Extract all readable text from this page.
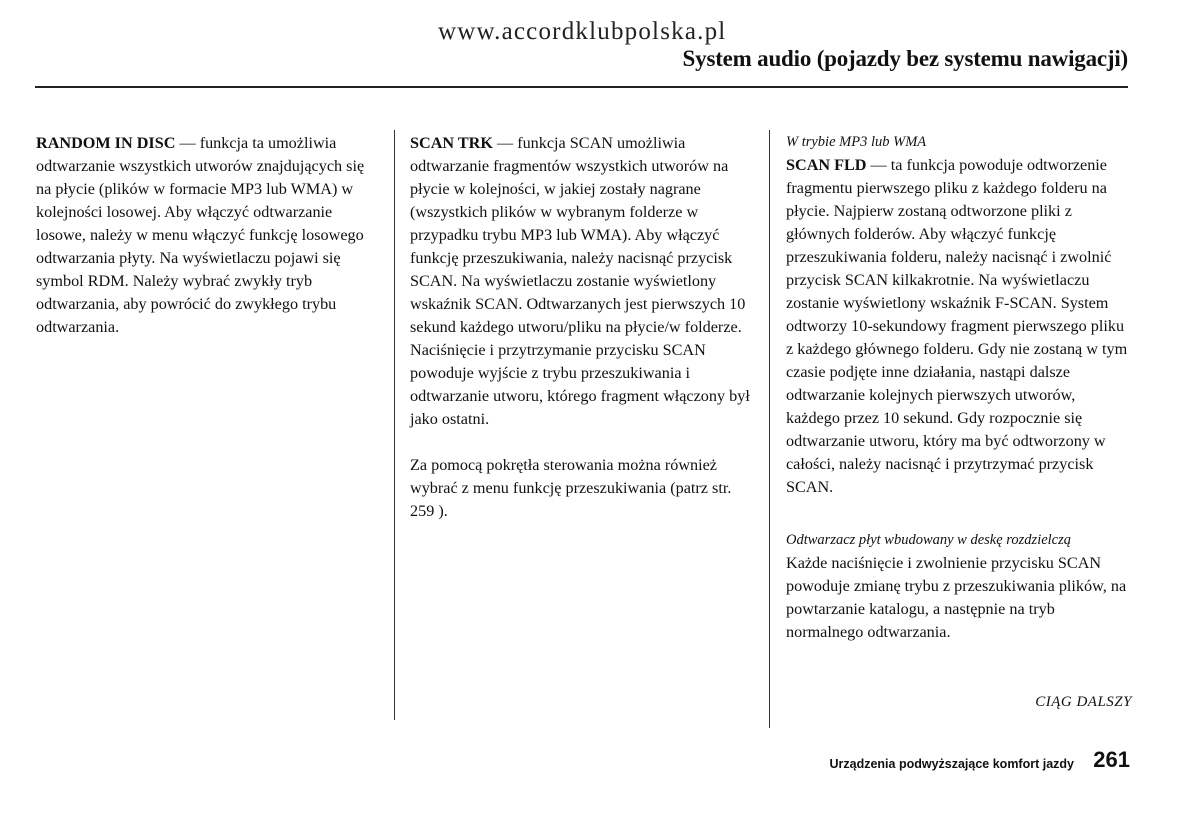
www.accordklubpolska.pl
System audio (pojazdy bez systemu nawigacji)

RANDOM IN DISC — funkcja ta umożliwia odtwarzanie wszystkich utworów znajdujących się na płycie (plików w formacie MP3 lub WMA) w kolejności losowej. Aby włączyć odtwarzanie losowe, należy w menu włączyć funkcję losowego odtwarzania płyty. Na wyświetlaczu pojawi się symbol RDM. Należy wybrać zwykły tryb odtwarzania, aby powrócić do zwykłego trybu odtwarzania.

SCAN TRK — funkcja SCAN umożliwia odtwarzanie fragmentów wszystkich utworów na płycie w kolejności, w jakiej zostały nagrane (wszystkich plików w wybranym folderze w przypadku trybu MP3 lub WMA). Aby włączyć funkcję przeszukiwania, należy nacisnąć przycisk SCAN. Na wyświetlaczu zostanie wyświetlony wskaźnik SCAN. Odtwarzanych jest pierwszych 10 sekund każdego utworu/pliku na płycie/w folderze. Naciśnięcie i przytrzymanie przycisku SCAN powoduje wyjście z trybu przeszukiwania i odtwarzanie utworu, którego fragment włączony był jako ostatni.

Za pomocą pokrętła sterowania można również wybrać z menu funkcję przeszukiwania (patrz str. 259 ).

W trybie MP3 lub WMA

SCAN FLD — ta funkcja powoduje odtworzenie fragmentu pierwszego pliku z każdego folderu na płycie. Najpierw zostaną odtworzone pliki z głównych folderów. Aby włączyć funkcję przeszukiwania folderu, należy nacisnąć i zwolnić przycisk SCAN kilkakrotnie. Na wyświetlaczu zostanie wyświetlony wskaźnik F-SCAN. System odtworzy 10-sekundowy fragment pierwszego pliku z każdego głównego folderu. Gdy nie zostaną w tym czasie podjęte inne działania, nastąpi dalsze odtwarzanie kolejnych pierwszych utworów, każdego przez 10 sekund. Gdy rozpocznie się odtwarzanie utworu, który ma być odtworzony w całości, należy nacisnąć i przytrzymać przycisk SCAN.

Odtwarzacz płyt wbudowany w deskę rozdzielczą

Każde naciśnięcie i zwolnienie przycisku SCAN powoduje zmianę trybu z przeszukiwania plików, na powtarzanie katalogu, a następnie na tryb normalnego odtwarzania.

CIĄG DALSZY
Urządzenia podwyższające komfort jazdy 261
